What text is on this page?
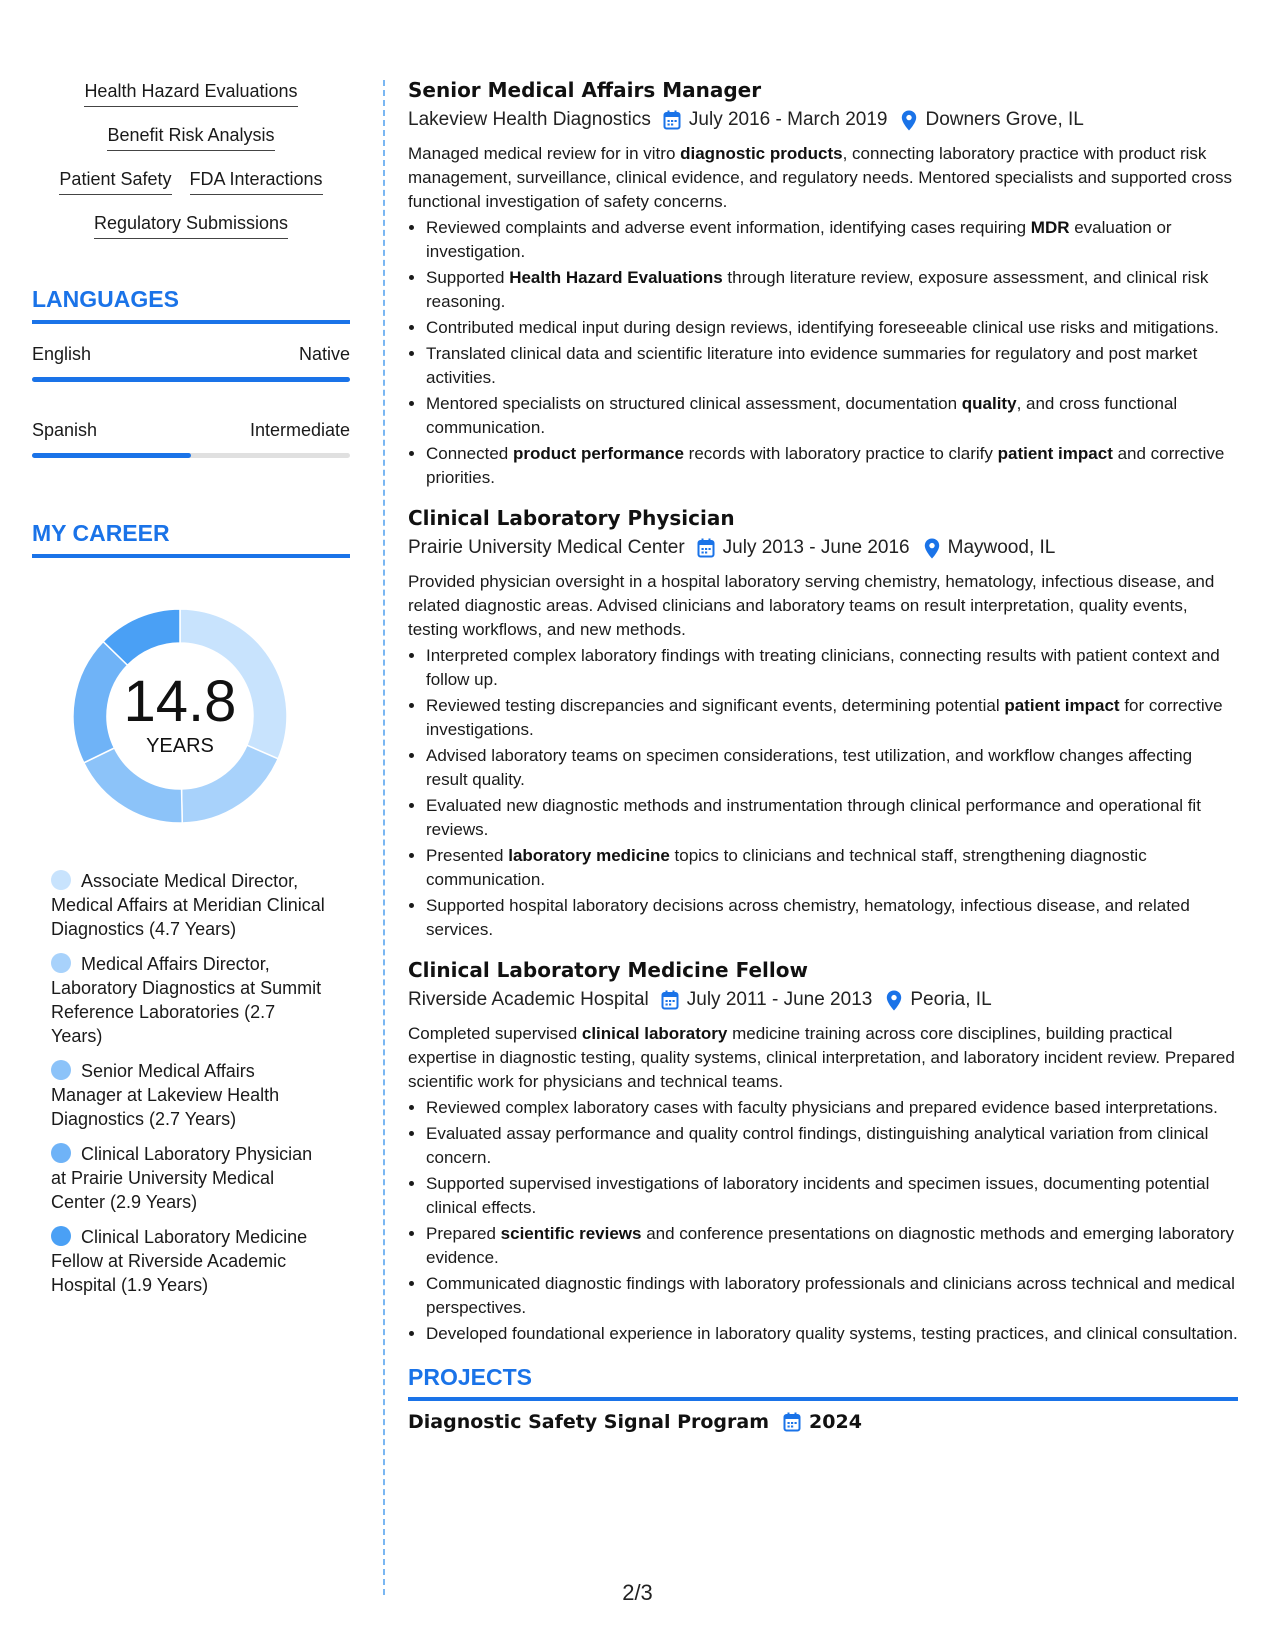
Health Hazard Evaluations
Benefit Risk Analysis
Patient Safety FDA Interactions
Regulatory Submissions
LANGUAGES
English	Native
Spanish	Intermediate
MY CAREER
14.8
YEARS
Associate Medical Director, Medical Affairs at Meridian Clinical Diagnostics (4.7 Years)
Medical Affairs Director, Laboratory Diagnostics at Summit Reference Laboratories (2.7 Years)
Senior Medical Affairs Manager at Lakeview Health Diagnostics (2.7 Years)
Clinical Laboratory Physician at Prairie University Medical Center (2.9 Years)
Clinical Laboratory Medicine Fellow at Riverside Academic Hospital (1.9 Years)
Senior Medical Affairs Manager
Lakeview Health Diagnostics July 2016 - March 2019 Downers Grove, IL
Managed medical review for in vitro diagnostic products, connecting laboratory practice with product risk management, surveillance, clinical evidence, and regulatory needs. Mentored specialists and supported cross functional investigation of safety concerns.
• Reviewed complaints and adverse event information, identifying cases requiring MDR evaluation or investigation.
• Supported Health Hazard Evaluations through literature review, exposure assessment, and clinical risk reasoning.
• Contributed medical input during design reviews, identifying foreseeable clinical use risks and mitigations.
• Translated clinical data and scientific literature into evidence summaries for regulatory and post market activities.
• Mentored specialists on structured clinical assessment, documentation quality, and cross functional communication.
• Connected product performance records with laboratory practice to clarify patient impact and corrective priorities.
Clinical Laboratory Physician
Prairie University Medical Center July 2013 - June 2016 Maywood, IL
Provided physician oversight in a hospital laboratory serving chemistry, hematology, infectious disease, and related diagnostic areas. Advised clinicians and laboratory teams on result interpretation, quality events, testing workflows, and new methods.
• Interpreted complex laboratory findings with treating clinicians, connecting results with patient context and follow up.
• Reviewed testing discrepancies and significant events, determining potential patient impact for corrective investigations.
• Advised laboratory teams on specimen considerations, test utilization, and workflow changes affecting result quality.
• Evaluated new diagnostic methods and instrumentation through clinical performance and operational fit reviews.
• Presented laboratory medicine topics to clinicians and technical staff, strengthening diagnostic communication.
• Supported hospital laboratory decisions across chemistry, hematology, infectious disease, and related services.
Clinical Laboratory Medicine Fellow
Riverside Academic Hospital July 2011 - June 2013 Peoria, IL
Completed supervised clinical laboratory medicine training across core disciplines, building practical expertise in diagnostic testing, quality systems, clinical interpretation, and laboratory incident review. Prepared scientific work for physicians and technical teams.
• Reviewed complex laboratory cases with faculty physicians and prepared evidence based interpretations.
• Evaluated assay performance and quality control findings, distinguishing analytical variation from clinical concern.
• Supported supervised investigations of laboratory incidents and specimen issues, documenting potential clinical effects.
• Prepared scientific reviews and conference presentations on diagnostic methods and emerging laboratory evidence.
• Communicated diagnostic findings with laboratory professionals and clinicians across technical and medical perspectives.
• Developed foundational experience in laboratory quality systems, testing practices, and clinical consultation.
PROJECTS
Diagnostic Safety Signal Program 2024
2/3
